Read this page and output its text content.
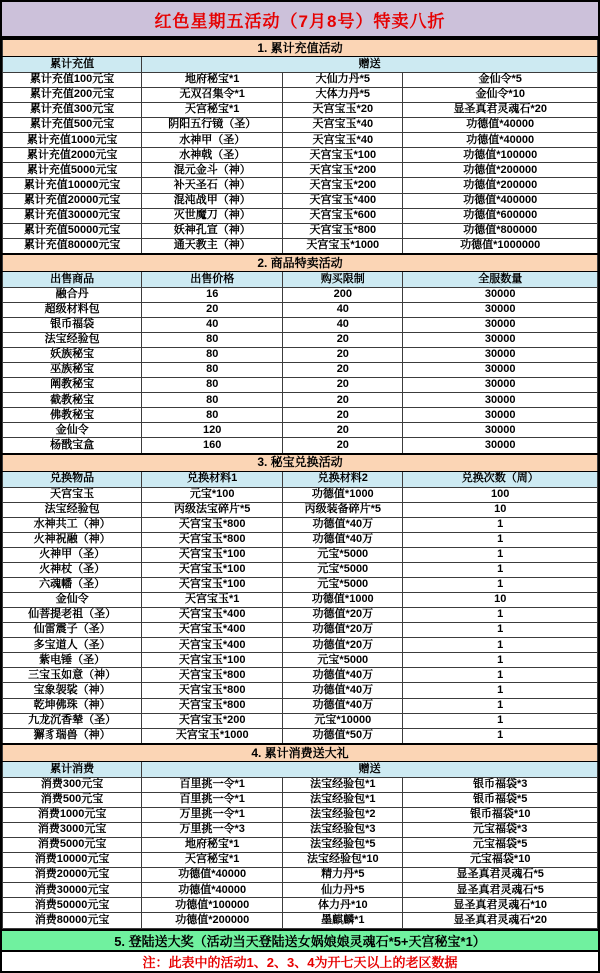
红色星期五活动（7月8号）特卖八折
1. 累计充值活动			
累计充值	赠送		
累计充值100元宝	地府秘宝*1	大仙力丹*5	金仙令*5
累计充值200元宝	无双召集令*1	大体力丹*5	金仙令*10
累计充值300元宝	天宫秘宝*1	天宫宝玉*20	显圣真君灵魂石*20
累计充值500元宝	阴阳五行镜（圣）	天宫宝玉*40	功德值*40000
累计充值1000元宝	水神甲（圣）	天宫宝玉*40	功德值*40000
累计充值2000元宝	水神戟（圣）	天宫宝玉*100	功德值*100000
累计充值5000元宝	混元金斗（神）	天宫宝玉*200	功德值*200000
累计充值10000元宝	补天圣石（神）	天宫宝玉*200	功德值*200000
累计充值20000元宝	混沌战甲（神）	天宫宝玉*400	功德值*400000
累计充值30000元宝	灭世魔刀（神）	天宫宝玉*600	功德值*600000
累计充值50000元宝	妖神孔宣（神）	天宫宝玉*800	功德值*800000
累计充值80000元宝	通天教主（神）	天宫宝玉*1000	功德值*1000000
2. 商品特卖活动			
出售商品	出售价格	购买限制	全服数量
融合丹	16	200	30000
超级材料包	20	40	30000
银币福袋	40	40	30000
法宝经验包	80	20	30000
妖族秘宝	80	20	30000
巫族秘宝	80	20	30000
阐教秘宝	80	20	30000
截教秘宝	80	20	30000
佛教秘宝	80	20	30000
金仙令	120	20	30000
杨戬宝盒	160	20	30000
3. 秘宝兑换活动			
兑换物品	兑换材料1	兑换材料2	兑换次数（周）
天宫宝玉	元宝*100	功德值*1000	100
法宝经验包	丙级法宝碎片*5	丙级装备碎片*5	10
水神共工（神）	天宫宝玉*800	功德值*40万	1
火神祝融（神）	天宫宝玉*800	功德值*40万	1
火神甲（圣）	天宫宝玉*100	元宝*5000	1
火神杖（圣）	天宫宝玉*100	元宝*5000	1
六魂幡（圣）	天宫宝玉*100	元宝*5000	1
金仙令	天宫宝玉*1	功德值*1000	10
仙菩提老祖（圣）	天宫宝玉*400	功德值*20万	1
仙雷震子（圣）	天宫宝玉*400	功德值*20万	1
多宝道人（圣）	天宫宝玉*400	功德值*20万	1
紫电锤（圣）	天宫宝玉*100	元宝*5000	1
三宝玉如意（神）	天宫宝玉*800	功德值*40万	1
宝象袈裟（神）	天宫宝玉*800	功德值*40万	1
乾坤佛珠（神）	天宫宝玉*800	功德值*40万	1
九龙沉香辇（圣）	天宫宝玉*200	元宝*10000	1
獬豸瑞兽（神）	天宫宝玉*1000	功德值*50万	1
4. 累计消费送大礼			
累计消费	赠送		
消费300元宝	百里挑一令*1	法宝经验包*1	银币福袋*3
消费500元宝	百里挑一令*1	法宝经验包*1	银币福袋*5
消费1000元宝	万里挑一令*1	法宝经验包*2	银币福袋*10
消费3000元宝	万里挑一令*3	法宝经验包*3	元宝福袋*3
消费5000元宝	地府秘宝*1	法宝经验包*5	元宝福袋*5
消费10000元宝	天宫秘宝*1	法宝经验包*10	元宝福袋*10
消费20000元宝	功德值*40000	精力丹*5	显圣真君灵魂石*5
消费30000元宝	功德值*40000	仙力丹*5	显圣真君灵魂石*5
消费50000元宝	功德值*100000	体力丹*10	显圣真君灵魂石*10
消费80000元宝	功德值*200000	墨麒麟*1	显圣真君灵魂石*20
5. 登陆送大奖（活动当天登陆送女娲娘娘灵魂石*5+天宫秘宝*1）
注：此表中的活动1、2、3、4为开七天以上的老区数据
